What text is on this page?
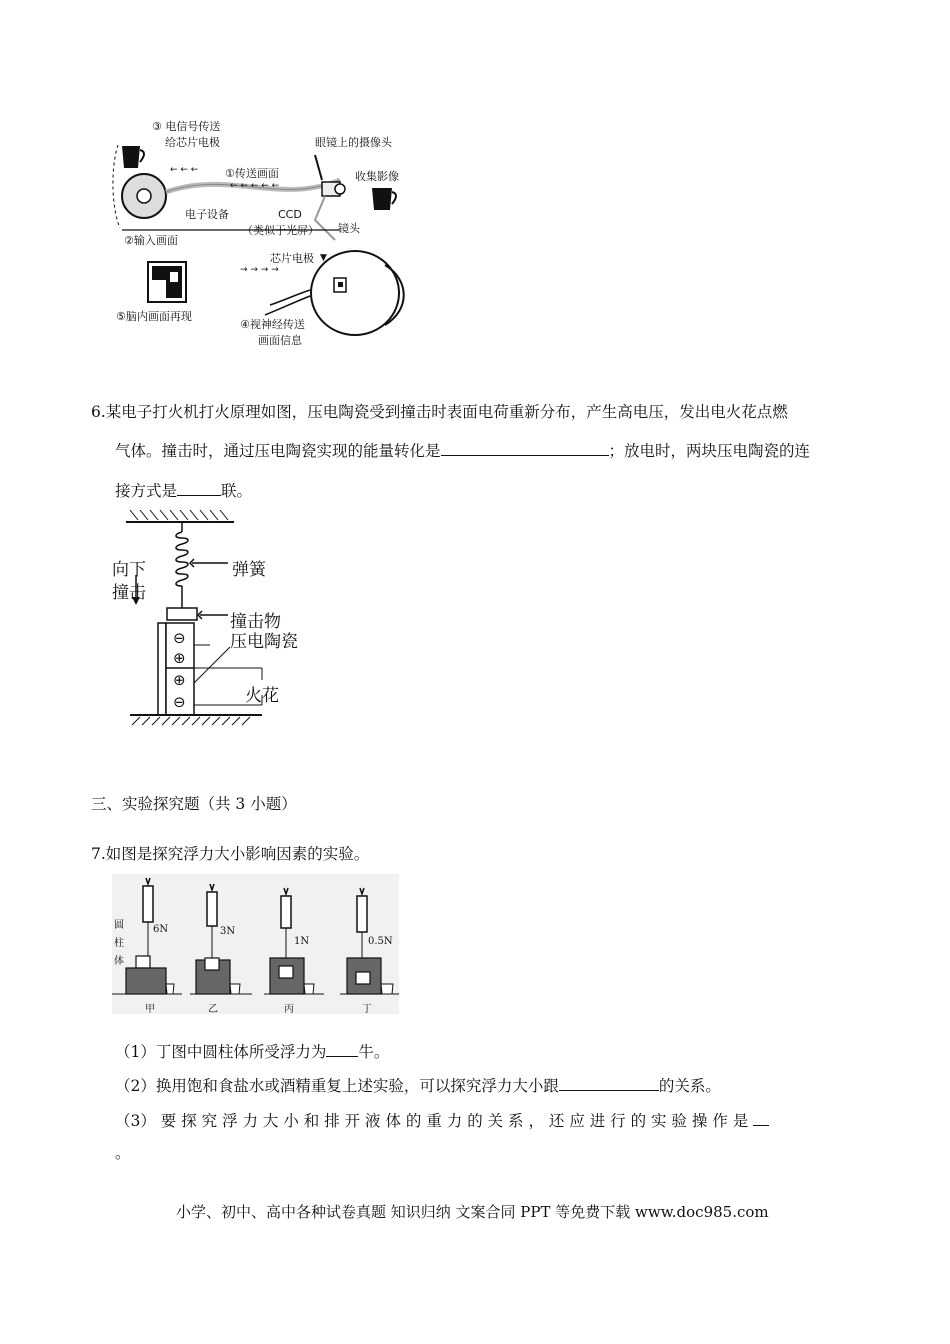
← ← ←
← ← ← ← ←
→ → → →
▼
③ 电信号传送
给芯片电极
①传送画面
眼镜上的摄像头
收集影像
电子设备	CCD
（类似于光屏） 镜头
②输入画面
芯片电极
⑤脑内画面再现
④视神经传送
画面信息
6.某电子打火机打火原理如图，压电陶瓷受到撞击时表面电荷重新分布，产生高电压，发出电火花点燃
气体。撞击时，通过压电陶瓷实现的能量转化是	；放电时，两块压电陶瓷的连
接方式是	联。
向下
撞击
弹簧
撞击物
压电陶瓷
火花
⊖
⊕
⊕
⊖
三、实验探究题（共 3 小题）
7.如图是探究浮力大小影响因素的实验。
圆
柱
体
6N	3N
1N	0.5N
甲	乙	丙	丁
（1）丁图中圆柱体所受浮力为 牛。
（2）换用饱和食盐水或酒精重复上述实验，可以探究浮力大小跟	的关系。
（3） 要 探 究 浮 力 大 小 和 排 开 液 体 的 重 力 的 关 系 ， 还 应 进 行 的 实 验 操 作 是
。
小学、初中、高中各种试卷真题 知识归纳 文案合同 PPT 等免费下载 www.doc985.com
